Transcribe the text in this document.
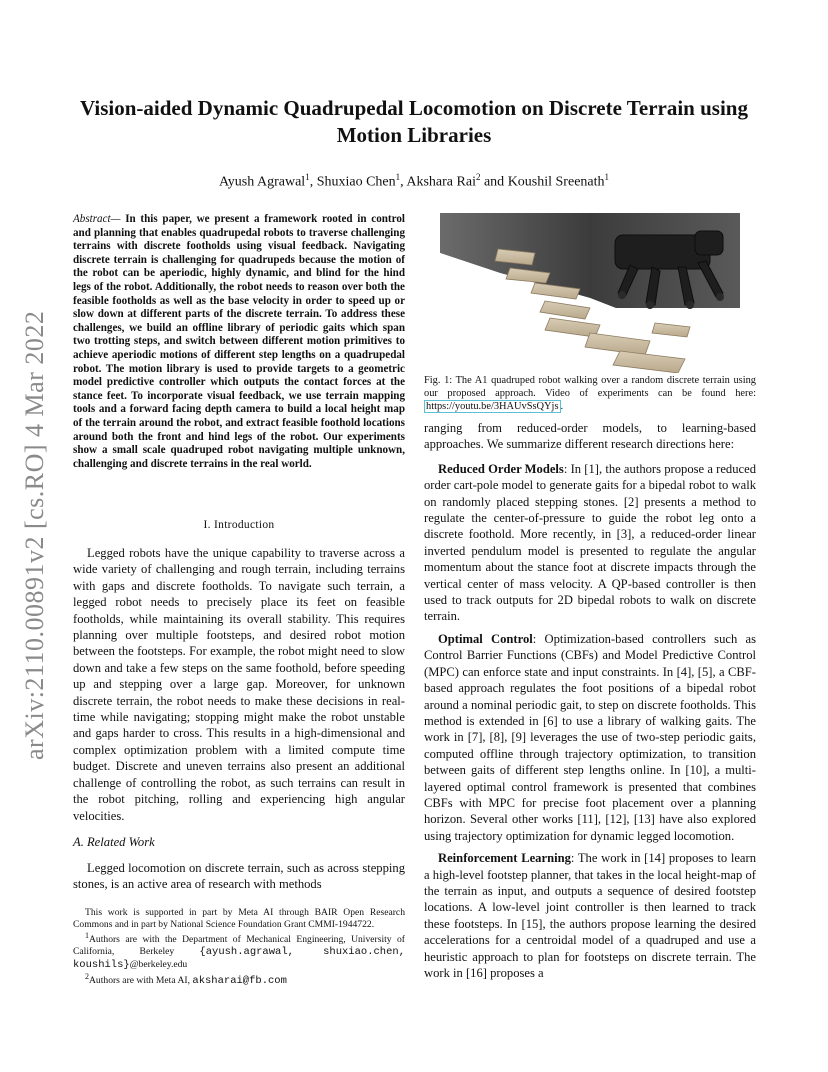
arXiv:2110.00891v2 [cs.RO] 4 Mar 2022
Vision-aided Dynamic Quadrupedal Locomotion on Discrete Terrain using Motion Libraries
Ayush Agrawal$^1$, Shuxiao Chen$^1$, Akshara Rai$^2$ and Koushil Sreenath$^1$
Abstract— In this paper, we present a framework rooted in control and planning that enables quadrupedal robots to traverse challenging terrains with discrete footholds using visual feedback. Navigating discrete terrain is challenging for quadrupeds because the motion of the robot can be aperiodic, highly dynamic, and blind for the hind legs of the robot. Additionally, the robot needs to reason over both the feasible footholds as well as the base velocity in order to speed up or slow down at different parts of the discrete terrain. To address these challenges, we build an offline library of periodic gaits which span two trotting steps, and switch between different motion primitives to achieve aperiodic motions of different step lengths on a quadrupedal robot. The motion library is used to provide targets to a geometric model predictive controller which outputs the contact forces at the stance feet. To incorporate visual feedback, we use terrain mapping tools and a forward facing depth camera to build a local height map of the terrain around the robot, and extract feasible foothold locations around both the front and hind legs of the robot. Our experiments show a small scale quadruped robot navigating multiple unknown, challenging and discrete terrains in the real world.
I. Introduction

Legged robots have the unique capability to traverse across a wide variety of challenging and rough terrain, including terrains with gaps and discrete footholds. To navigate such terrain, a legged robot needs to precisely place its feet on feasible footholds, while maintaining its overall stability. This requires planning over multiple footsteps, and desired robot motion between the footsteps. For example, the robot might need to slow down and take a few steps on the same foothold, before speeding up and stepping over a large gap. Moreover, for unknown discrete terrain, the robot needs to make these decisions in real-time while navigating; stopping might make the robot unstable and gaps harder to cross. This results in a high-dimensional and complex optimization problem with a limited compute time budget. Discrete and uneven terrains also present an additional challenge of controlling the robot, as such terrains can result in the robot pitching, rolling and experiencing high angular velocities.

A. Related Work

Legged locomotion on discrete terrain, such as across stepping stones, is an active area of research with methods

This work is supported in part by Meta AI through BAIR Open Research Commons and in part by National Science Foundation Grant CMMI-1944722.

$^1$Authors are with the Department of Mechanical Engineering, University of California, Berkeley {ayush.agrawal, shuxiao.chen, koushils}@berkeley.edu

$^2$Authors are with Meta AI, aksharai@fb.com

Fig. 1: The A1 quadruped robot walking over a random discrete terrain using our proposed approach. Video of experiments can be found here: https://youtu.be/3HAUvSsQYjs .

ranging from reduced-order models, to learning-based approaches. We summarize different research directions here:

Reduced Order Models: In [1], the authors propose a reduced order cart-pole model to generate gaits for a bipedal robot to walk on randomly placed stepping stones. [2] presents a method to regulate the center-of-pressure to guide the robot leg onto a discrete foothold. More recently, in [3], a reduced-order linear inverted pendulum model is presented to regulate the angular momentum about the stance foot at discrete impacts through the vertical center of mass velocity. A QP-based controller is then used to track outputs for 2D bipedal robots to walk on discrete terrain.

Optimal Control: Optimization-based controllers such as Control Barrier Functions (CBFs) and Model Predictive Control (MPC) can enforce state and input constraints. In [4], [5], a CBF-based approach regulates the foot positions of a bipedal robot around a nominal periodic gait, to step on discrete footholds. This method is extended in [6] to use a library of walking gaits. The work in [7], [8], [9] leverages the use of two-step periodic gaits, computed offline through trajectory optimization, to transition between gaits of different step lengths online. In [10], a multi-layered optimal control framework is presented that combines CBFs with MPC for precise foot placement over a planning horizon. Several other works [11], [12], [13] have also explored using trajectory optimization for dynamic legged locomotion.

Reinforcement Learning: The work in [14] proposes to learn a high-level footstep planner, that takes in the local height-map of the terrain as input, and outputs a sequence of desired footstep locations. A low-level joint controller is then learned to track these footsteps. In [15], the authors propose learning the desired accelerations for a centroidal model of a quadruped and use a heuristic approach to plan for footsteps on discrete terrain. The work in [16] proposes a
